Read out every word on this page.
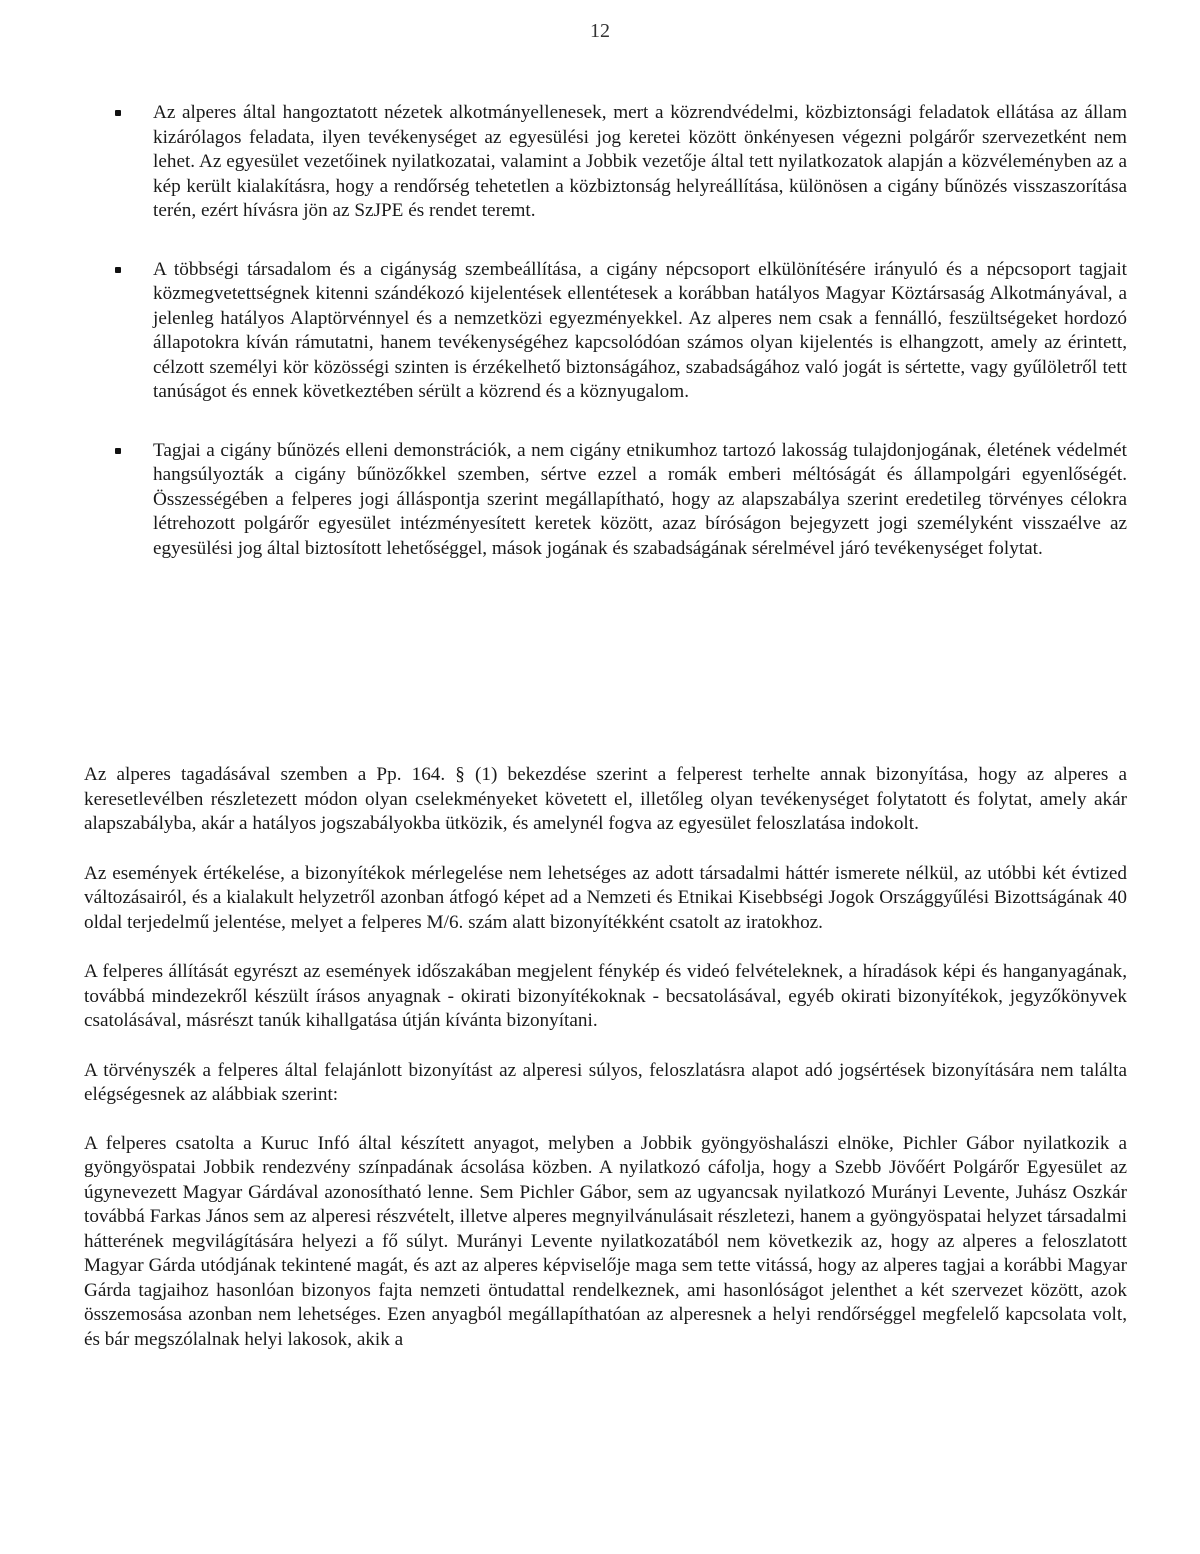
12

Az alperes által hangoztatott nézetek alkotmányellenesek, mert a közrendvédelmi, közbiztonsági feladatok ellátása az állam kizárólagos feladata, ilyen tevékenységet az egyesülési jog keretei között önkényesen végezni polgárőr szervezetként nem lehet. Az egyesület vezetőinek nyilatkozatai, valamint a Jobbik vezetője által tett nyilatkozatok alapján a közvéleményben az a kép került kialakításra, hogy a rendőrség tehetetlen a közbiztonság helyreállítása, különösen a cigány bűnözés visszaszorítása terén, ezért hívásra jön az SzJPE és rendet teremt.

A többségi társadalom és a cigányság szembeállítása, a cigány népcsoport elkülönítésére irányuló és a népcsoport tagjait közmegvetettségnek kitenni szándékozó kijelentések ellentétesek a korábban hatályos Magyar Köztársaság Alkotmányával, a jelenleg hatályos Alaptörvénnyel és a nemzetközi egyezményekkel. Az alperes nem csak a fennálló, feszültségeket hordozó állapotokra kíván rámutatni, hanem tevékenységéhez kapcsolódóan számos olyan kijelentés is elhangzott, amely az érintett, célzott személyi kör közösségi szinten is érzékelhető biztonságához, szabadságához való jogát is sértette, vagy gyűlöletről tett tanúságot és ennek következtében sérült a közrend és a köznyugalom.

Tagjai a cigány bűnözés elleni demonstrációk, a nem cigány etnikumhoz tartozó lakosság tulajdonjogának, életének védelmét hangsúlyozták a cigány bűnözőkkel szemben, sértve ezzel a romák emberi méltóságát és állampolgári egyenlőségét. Összességében a felperes jogi álláspontja szerint megállapítható, hogy az alapszabálya szerint eredetileg törvényes célokra létrehozott polgárőr egyesület intézményesített keretek között, azaz bíróságon bejegyzett jogi személyként visszaélve az egyesülési jog által biztosított lehetőséggel, mások jogának és szabadságának sérelmével járó tevékenységet folytat.

Az alperes tagadásával szemben a Pp. 164. § (1) bekezdése szerint a felperest terhelte annak bizonyítása, hogy az alperes a keresetlevélben részletezett módon olyan cselekményeket követett el, illetőleg olyan tevékenységet folytatott és folytat, amely akár alapszabályba, akár a hatályos jogszabályokba ütközik, és amelynél fogva az egyesület feloszlatása indokolt.

Az események értékelése, a bizonyítékok mérlegelése nem lehetséges az adott társadalmi háttér ismerete nélkül, az utóbbi két évtized változásairól, és a kialakult helyzetről azonban átfogó képet ad a Nemzeti és Etnikai Kisebbségi Jogok Országgyűlési Bizottságának 40 oldal terjedelmű jelentése, melyet a felperes M/6. szám alatt bizonyítékként csatolt az iratokhoz.

A felperes állítását egyrészt az események időszakában megjelent fénykép és videó felvételeknek, a híradások képi és hanganyagának, továbbá mindezekről készült írásos anyagnak - okirati bizonyítékoknak - becsatolásával, egyéb okirati bizonyítékok, jegyzőkönyvek csatolásával, másrészt tanúk kihallgatása útján kívánta bizonyítani.

A törvényszék a felperes által felajánlott bizonyítást az alperesi súlyos, feloszlatásra alapot adó jogsértések bizonyítására nem találta elégségesnek az alábbiak szerint:

A felperes csatolta a Kuruc Infó által készített anyagot, melyben a Jobbik gyöngyöshalászi elnöke, Pichler Gábor nyilatkozik a gyöngyöspatai Jobbik rendezvény színpadának ácsolása közben. A nyilatkozó cáfolja, hogy a Szebb Jövőért Polgárőr Egyesület az úgynevezett Magyar Gárdával azonosítható lenne. Sem Pichler Gábor, sem az ugyancsak nyilatkozó Murányi Levente, Juhász Oszkár továbbá Farkas János sem az alperesi részvételt, illetve alperes megnyilvánulásait részletezi, hanem a gyöngyöspatai helyzet társadalmi hátterének megvilágítására helyezi a fő súlyt. Murányi Levente nyilatkozatából nem következik az, hogy az alperes a feloszlatott Magyar Gárda utódjának tekintené magát, és azt az alperes képviselője maga sem tette vitássá, hogy az alperes tagjai a korábbi Magyar Gárda tagjaihoz hasonlóan bizonyos fajta nemzeti öntudattal rendelkeznek, ami hasonlóságot jelenthet a két szervezet között, azok összemosása azonban nem lehetséges. Ezen anyagból megállapíthatóan az alperesnek a helyi rendőrséggel megfelelő kapcsolata volt, és bár megszólalnak helyi lakosok, akik a
